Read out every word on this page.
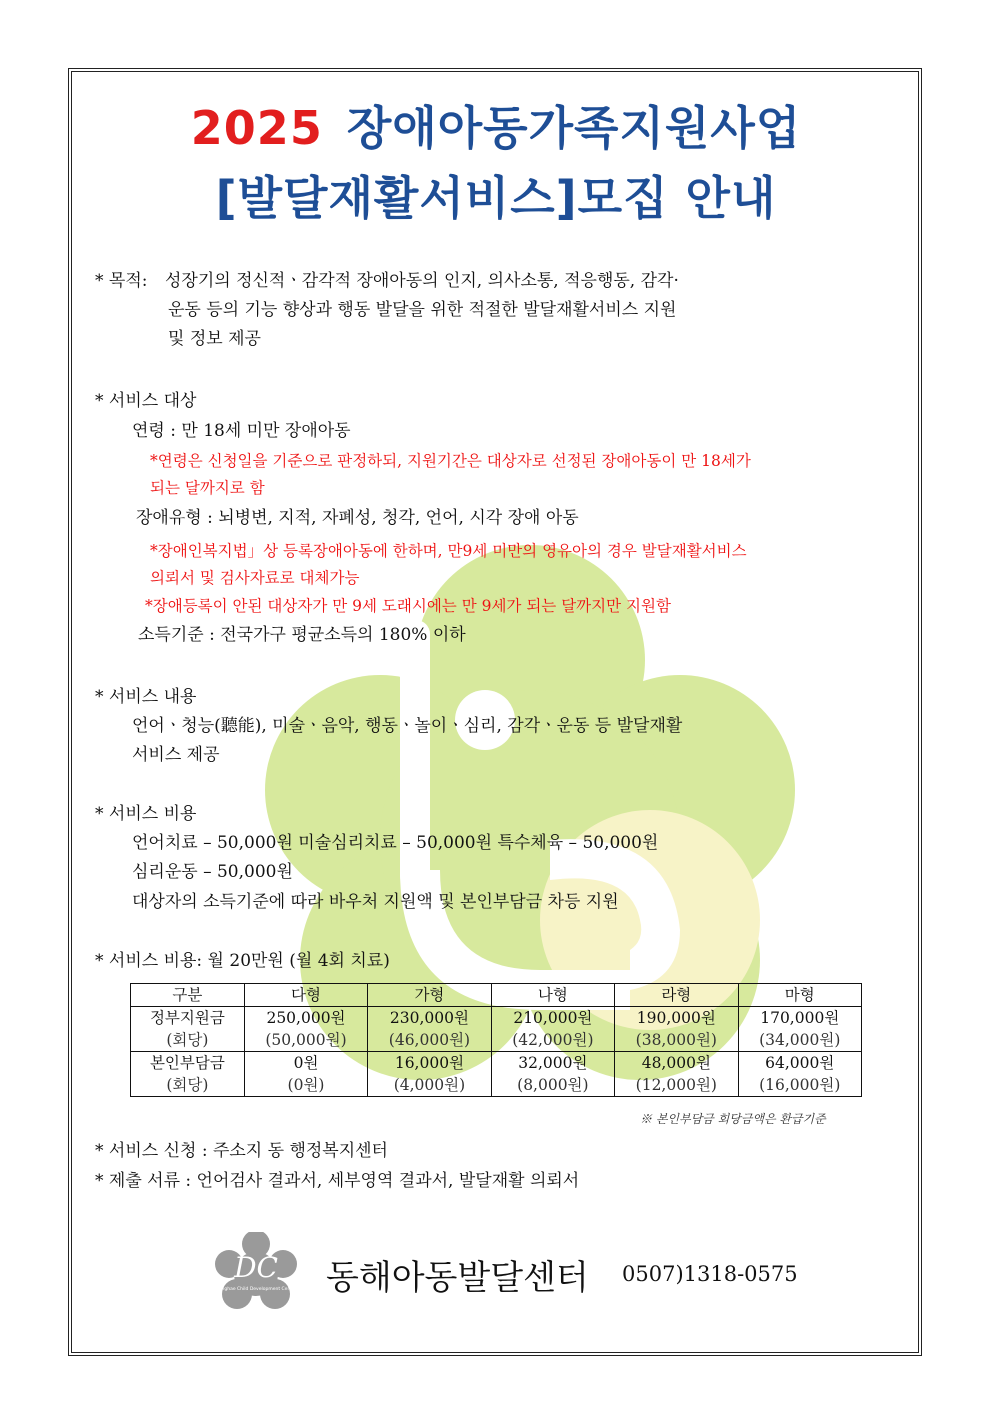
2025 장애아동가족지원사업
[발달재활서비스]모집 안내
* 목적: 성장기의 정신적ㆍ감각적 장애아동의 인지, 의사소통, 적응행동, 감각·
운동 등의 기능 향상과 행동 발달을 위한 적절한 발달재활서비스 지원
및 정보 제공
* 서비스 대상
연령 : 만 18세 미만 장애아동
*연령은 신청일을 기준으로 판정하되, 지원기간은 대상자로 선정된 장애아동이 만 18세가
되는 달까지로 함
장애유형 : 뇌병변, 지적, 자폐성, 청각, 언어, 시각 장애 아동
*장애인복지법」상 등록장애아동에 한하며, 만9세 미만의 영유아의 경우 발달재활서비스
의뢰서 및 검사자료로 대체가능
*장애등록이 안된 대상자가 만 9세 도래시에는 만 9세가 되는 달까지만 지원함
소득기준 : 전국가구 평균소득의 180% 이하
* 서비스 내용
언어ㆍ청능(聽能), 미술ㆍ음악, 행동ㆍ놀이ㆍ심리, 감각ㆍ운동 등 발달재활
서비스 제공
* 서비스 비용
언어치료 – 50,000원 미술심리치료 – 50,000원 특수체육 – 50,000원
심리운동 – 50,000원
대상자의 소득기준에 따라 바우처 지원액 및 본인부담금 차등 지원
* 서비스 비용: 월 20만원 (월 4회 치료)
구분	다형	가형	나형	라형	마형
정부지원금	250,000원	230,000원	210,000원	190,000원	170,000원
(회당)	(50,000원)	(46,000원)	(42,000원)	(38,000원)	(34,000원)
본인부담금	0원	16,000원	32,000원	48,000원	64,000원
(회당)	(0원)	(4,000원)	(8,000원)	(12,000원)	(16,000원)
※ 본인부담금 회당금액은 환급기준
* 서비스 신청 : 주소지 동 행정복지센터
* 제출 서류 : 언어검사 결과서, 세부영역 결과서, 발달재활 의뢰서
DC
Donghae Child Development Center 동해아동발달센터 0507)1318-0575
